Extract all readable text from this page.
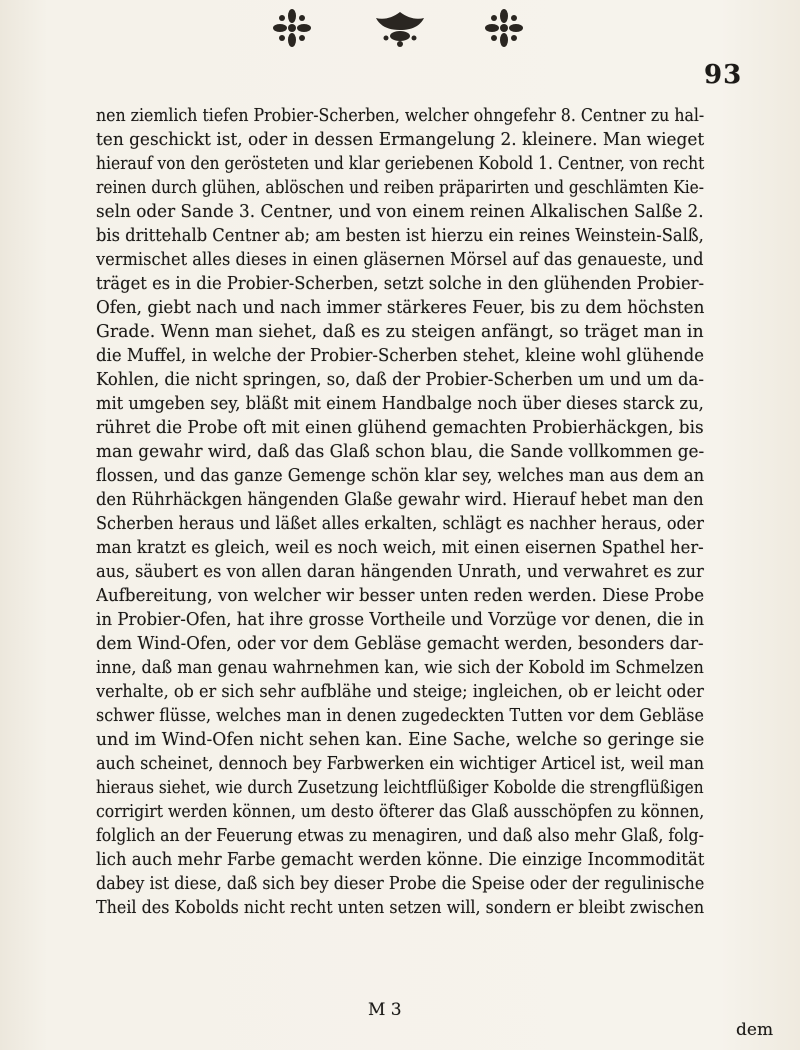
93
nen ziemlich tiefen Probier-Scherben, welcher ohngefehr 8. Centner zu hal-
ten geschickt ist, oder in dessen Ermangelung 2. kleinere. Man wieget
hierauf von den gerösteten und klar geriebenen Kobold 1. Centner, von recht
reinen durch glühen, ablöschen und reiben präparirten und geschlämten Kie-
seln oder Sande 3. Centner, und von einem reinen Alkalischen Salße 2.
bis drittehalb Centner ab; am besten ist hierzu ein reines Weinstein-Salß,
vermischet alles dieses in einen gläsernen Mörsel auf das genaueste, und
träget es in die Probier-Scherben, setzt solche in den glühenden Probier-
Ofen, giebt nach und nach immer stärkeres Feuer, bis zu dem höchsten
Grade. Wenn man siehet, daß es zu steigen anfängt, so träget man in
die Muffel, in welche der Probier-Scherben stehet, kleine wohl glühende
Kohlen, die nicht springen, so, daß der Probier-Scherben um und um da-
mit umgeben sey, bläßt mit einem Handbalge noch über dieses starck zu,
rühret die Probe oft mit einen glühend gemachten Probierhäckgen, bis
man gewahr wird, daß das Glaß schon blau, die Sande vollkommen ge-
flossen, und das ganze Gemenge schön klar sey, welches man aus dem an
den Rührhäckgen hängenden Glaße gewahr wird. Hierauf hebet man den
Scherben heraus und läßet alles erkalten, schlägt es nachher heraus, oder
man kratzt es gleich, weil es noch weich, mit einen eisernen Spathel her-
aus, säubert es von allen daran hängenden Unrath, und verwahret es zur
Aufbereitung, von welcher wir besser unten reden werden. Diese Probe
in Probier-Ofen, hat ihre grosse Vortheile und Vorzüge vor denen, die in
dem Wind-Ofen, oder vor dem Gebläse gemacht werden, besonders dar-
inne, daß man genau wahrnehmen kan, wie sich der Kobold im Schmelzen
verhalte, ob er sich sehr aufblähe und steige; ingleichen, ob er leicht oder
schwer flüsse, welches man in denen zugedeckten Tutten vor dem Gebläse
und im Wind-Ofen nicht sehen kan. Eine Sache, welche so geringe sie
auch scheinet, dennoch bey Farbwerken ein wichtiger Articel ist, weil man
hieraus siehet, wie durch Zusetzung leichtflüßiger Kobolde die strengflüßigen
corrigirt werden können, um desto öfterer das Glaß ausschöpfen zu können,
folglich an der Feuerung etwas zu menagiren, und daß also mehr Glaß, folg-
lich auch mehr Farbe gemacht werden könne. Die einzige Incommodität
dabey ist diese, daß sich bey dieser Probe die Speise oder der regulinische
Theil des Kobolds nicht recht unten setzen will, sondern er bleibt zwischen
M 3
dem
